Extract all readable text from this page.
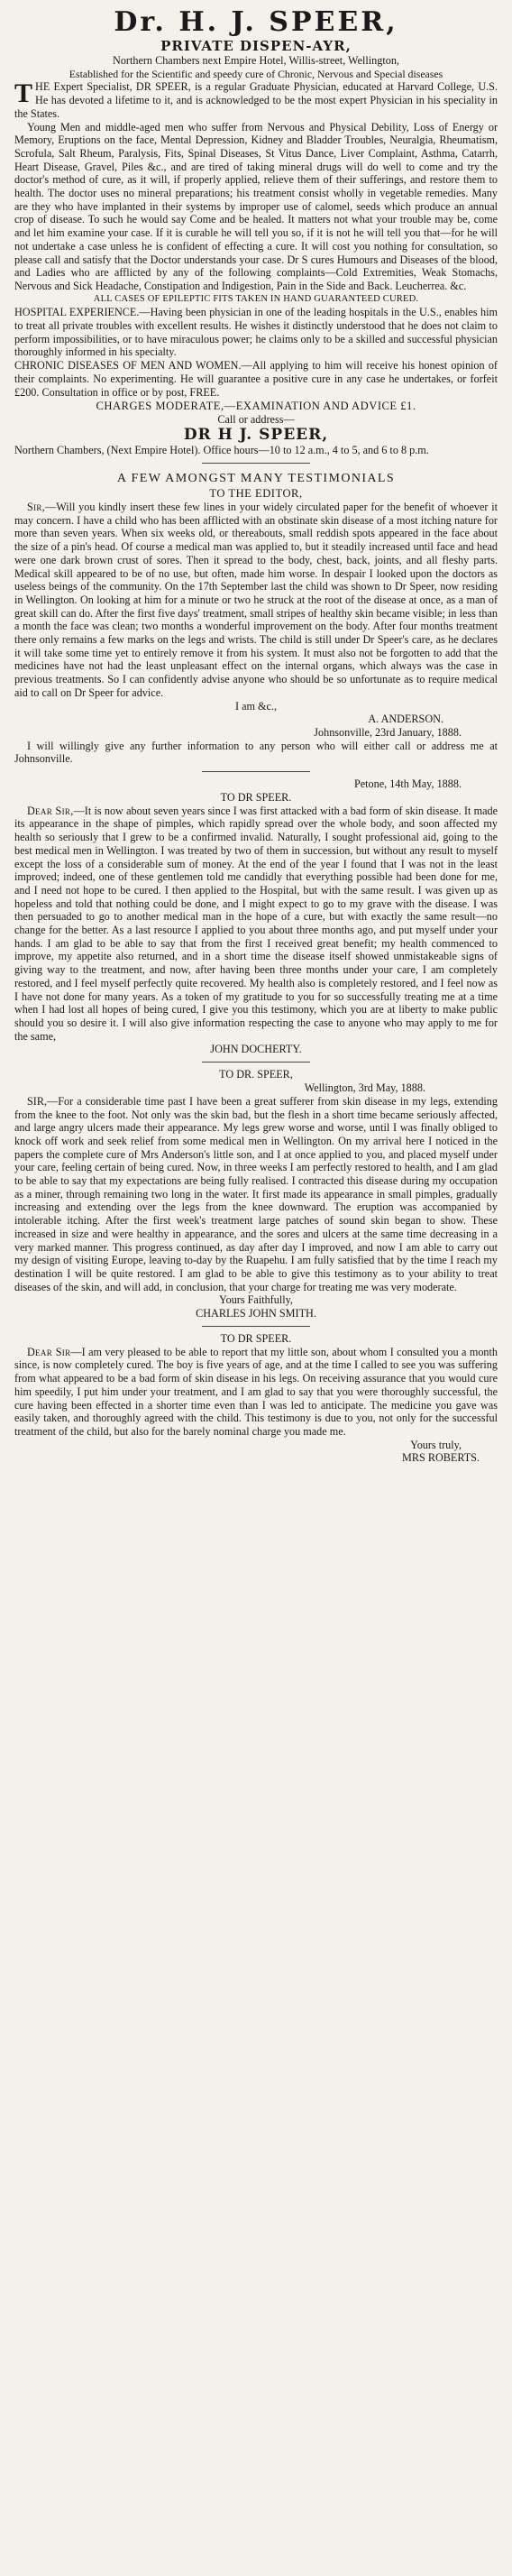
Dr. H. J. SPEER,
PRIVATE DISPEN-AYR,
Northern Chambers next Empire Hotel, Willis-street, Wellington,

Established for the Scientific and speedy cure of Chronic, Nervous and Special diseases

THE Expert Specialist, DR SPEER, is a regular Graduate Physician, educated at Harvard College, U.S. He has devoted a lifetime to it, and is acknowledged to be the most expert Physician in his speciality in the States.

Young Men and middle-aged men who suffer from Nervous and Physical Debility, Loss of Energy or Memory, Eruptions on the face, Mental Depression, Kidney and Bladder Troubles, Neuralgia, Rheumatism, Scrofula, Salt Rheum, Paralysis, Fits, Spinal Diseases, St Vitus Dance, Liver Complaint, Asthma, Catarrh, Heart Disease, Gravel, Piles &c., and are tired of taking mineral drugs will do well to come and try the doctor's method of cure, as it will, if properly applied, relieve them of their sufferings, and restore them to health. The doctor uses no mineral preparations; his treatment consist wholly in vegetable remedies. Many are they who have implanted in their systems by improper use of calomel, seeds which produce an annual crop of disease. To such he would say Come and be healed. It matters not what your trouble may be, come and let him examine your case. If it is curable he will tell you so, if it is not he will tell you that—for he will not undertake a case unless he is confident of effecting a cure. It will cost you nothing for consultation, so please call and satisfy that the Doctor understands your case. Dr S cures Humours and Diseases of the blood, and Ladies who are afflicted by any of the following complaints—Cold Extremities, Weak Stomachs, Nervous and Sick Headache, Constipation and Indigestion, Pain in the Side and Back. Leucherrea. &c.

ALL CASES OF EPILEPTIC FITS TAKEN IN HAND GUARANTEED CURED.

HOSPITAL EXPERIENCE.—Having been physician in one of the leading hospitals in the U.S., enables him to treat all private troubles with excellent results. He wishes it distinctly understood that he does not claim to perform impossibilities, or to have miraculous power; he claims only to be a skilled and successful physician thoroughly informed in his specialty.

CHRONIC DISEASES OF MEN AND WOMEN.—All applying to him will receive his honest opinion of their complaints. No experimenting. He will guarantee a positive cure in any case he undertakes, or forfeit £200. Consultation in office or by post, FREE.

CHARGES MODERATE,—EXAMINATION AND ADVICE £1.
Call or address—
DR H J. SPEER,

Northern Chambers, (Next Empire Hotel). Office hours—10 to 12 a.m., 4 to 5, and 6 to 8 p.m.

A FEW AMONGST MANY TESTIMONIALS
TO THE EDITOR,

Sir,—Will you kindly insert these few lines in your widely circulated paper for the benefit of whoever it may concern. I have a child who has been afflicted with an obstinate skin disease of a most itching nature for more than seven years. When six weeks old, or thereabouts, small reddish spots appeared in the face about the size of a pin's head. Of course a medical man was applied to, but it steadily increased until face and head were one dark brown crust of sores. Then it spread to the body, chest, back, joints, and all fleshy parts. Medical skill appeared to be of no use, but often, made him worse. In despair I looked upon the doctors as useless beings of the community. On the 17th September last the child was shown to Dr Speer, now residing in Wellington. On looking at him for a minute or two he struck at the root of the disease at once, as a man of great skill can do. After the first five days' treatment, small stripes of healthy skin became visible; in less than a month the face was clean; two months a wonderful improvement on the body. After four months treatment there only remains a few marks on the legs and wrists. The child is still under Dr Speer's care, as he declares it will take some time yet to entirely remove it from his system. It must also not be forgotten to add that the medicines have not had the least unpleasant effect on the internal organs, which always was the case in previous treatments. So I can confidently advise anyone who should be so unfortunate as to require medical aid to call on Dr Speer for advice.

I am &c.,
A. ANDERSON.
Johnsonville, 23rd January, 1888.

I will willingly give any further information to any person who will either call or address me at Johnsonville.

Petone, 14th May, 1888.
TO DR SPEER.

Dear Sir,—It is now about seven years since I was first attacked with a bad form of skin disease. It made its appearance in the shape of pimples, which rapidly spread over the whole body, and soon affected my health so seriously that I grew to be a confirmed invalid. Naturally, I sought professional aid, going to the best medical men in Wellington. I was treated by two of them in succession, but without any result to myself except the loss of a considerable sum of money. At the end of the year I found that I was not in the least improved; indeed, one of these gentlemen told me candidly that everything possible had been done for me, and I need not hope to be cured. I then applied to the Hospital, but with the same result. I was given up as hopeless and told that nothing could be done, and I might expect to go to my grave with the disease. I was then persuaded to go to another medical man in the hope of a cure, but with exactly the same result—no change for the better. As a last resource I applied to you about three months ago, and put myself under your hands. I am glad to be able to say that from the first I received great benefit; my health commenced to improve, my appetite also returned, and in a short time the disease itself showed unmistakeable signs of giving way to the treatment, and now, after having been three months under your care, I am completely restored, and I feel myself perfectly quite recovered. My health also is completely restored, and I feel now as I have not done for many years. As a token of my gratitude to you for so successfully treating me at a time when I had lost all hopes of being cured, I give you this testimony, which you are at liberty to make public should you so desire it. I will also give information respecting the case to anyone who may apply to me for the same,

JOHN DOCHERTY.
TO DR. SPEER,
Wellington, 3rd May, 1888.

SIR,—For a considerable time past I have been a great sufferer from skin disease in my legs, extending from the knee to the foot. Not only was the skin bad, but the flesh in a short time became seriously affected, and large angry ulcers made their appearance. My legs grew worse and worse, until I was finally obliged to knock off work and seek relief from some medical men in Wellington. On my arrival here I noticed in the papers the complete cure of Mrs Anderson's little son, and I at once applied to you, and placed myself under your care, feeling certain of being cured. Now, in three weeks I am perfectly restored to health, and I am glad to be able to say that my expectations are being fully realised. I contracted this disease during my occupation as a miner, through remaining two long in the water. It first made its appearance in small pimples, gradually increasing and extending over the legs from the knee downward. The eruption was accompanied by intolerable itching. After the first week's treatment large patches of sound skin began to show. These increased in size and were healthy in appearance, and the sores and ulcers at the same time decreasing in a very marked manner. This progress continued, as day after day I improved, and now I am able to carry out my design of visiting Europe, leaving to-day by the Ruapehu. I am fully satisfied that by the time I reach my destination I will be quite restored. I am glad to be able to give this testimony as to your ability to treat diseases of the skin, and will add, in conclusion, that your charge for treating me was very moderate.

Yours Faithfully,
CHARLES JOHN SMITH.
TO DR SPEER.

Dear Sir—I am very pleased to be able to report that my little son, about whom I consulted you a month since, is now completely cured. The boy is five years of age, and at the time I called to see you was suffering from what appeared to be a bad form of skin disease in his legs. On receiving assurance that you would cure him speedily, I put him under your treatment, and I am glad to say that you were thoroughly successful, the cure having been effected in a shorter time even than I was led to anticipate. The medicine you gave was easily taken, and thoroughly agreed with the child. This testimony is due to you, not only for the successful treatment of the child, but also for the barely nominal charge you made me.

Yours truly,
MRS ROBERTS.
